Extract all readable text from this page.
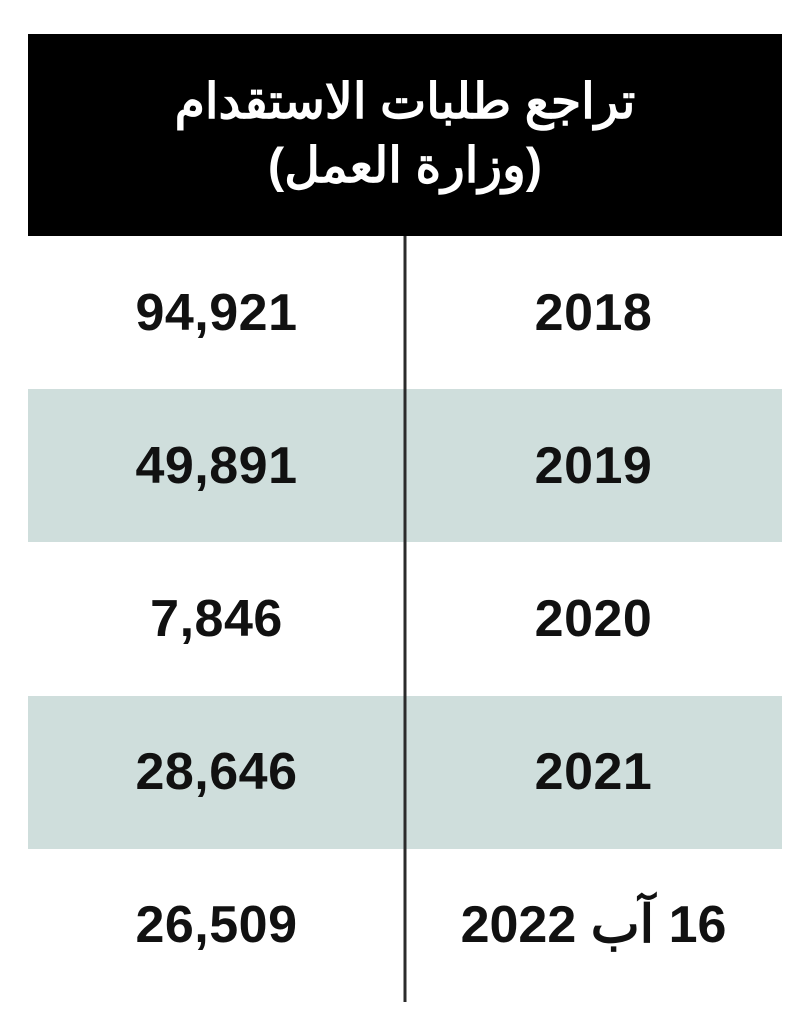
تراجع طلبات الاستقدام
(وزارة العمل)
2018
94,921
2019
49,891
2020
7,846
2021
28,646
16 آب 2022
26,509
